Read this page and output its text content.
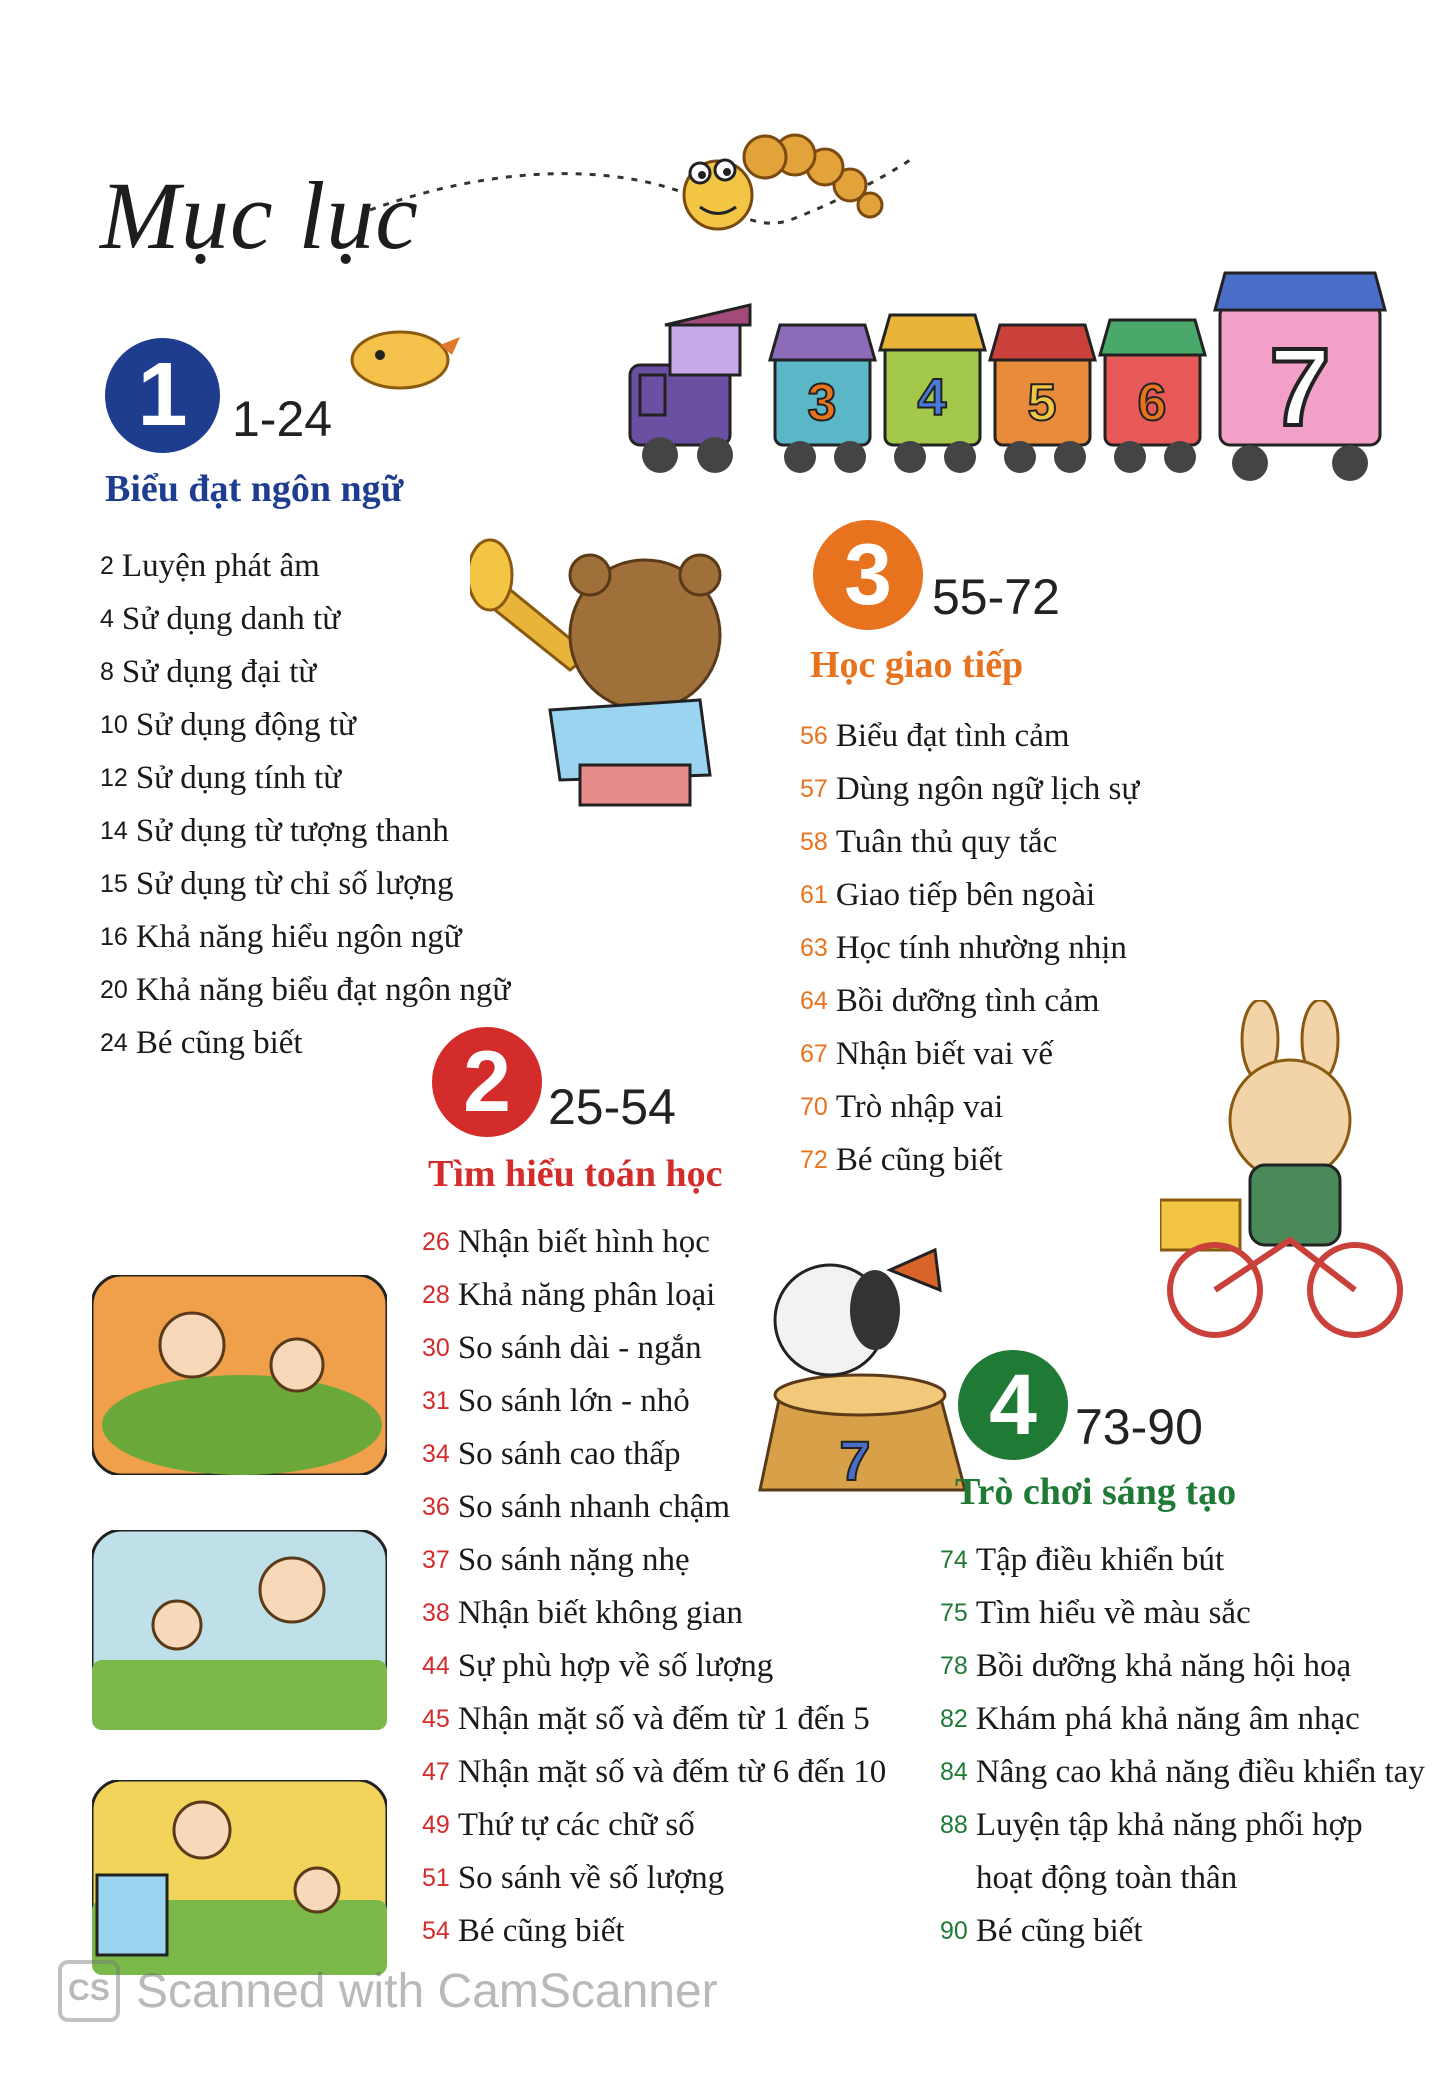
Mục lục
1 1-24
Biểu đạt ngôn ngữ
2 Luyện phát âm
4 Sử dụng danh từ
8 Sử dụng đại từ
10 Sử dụng động từ
12 Sử dụng tính từ
14 Sử dụng từ tượng thanh
15 Sử dụng từ chỉ số lượng
16 Khả năng hiểu ngôn ngữ
20 Khả năng biểu đạt ngôn ngữ
24 Bé cũng biết
3 4 5 6 7
3 55-72
Học giao tiếp
56 Biểu đạt tình cảm
57 Dùng ngôn ngữ lịch sự
58 Tuân thủ quy tắc
61 Giao tiếp bên ngoài
63 Học tính nhường nhịn
64 Bồi dưỡng tình cảm
67 Nhận biết vai vế
70 Trò nhập vai
72 Bé cũng biết
2 25-54
Tìm hiểu toán học
26 Nhận biết hình học
28 Khả năng phân loại
30 So sánh dài - ngắn
31 So sánh lớn - nhỏ
34 So sánh cao thấp
36 So sánh nhanh chậm
37 So sánh nặng nhẹ
38 Nhận biết không gian
44 Sự phù hợp về số lượng
45 Nhận mặt số và đếm từ 1 đến 5
47 Nhận mặt số và đếm từ 6 đến 10
49 Thứ tự các chữ số
51 So sánh về số lượng
54 Bé cũng biết
7
4 73-90
Trò chơi sáng tạo
74 Tập điều khiển bút
75 Tìm hiểu về màu sắc
78 Bồi dưỡng khả năng hội hoạ
82 Khám phá khả năng âm nhạc
84 Nâng cao khả năng điều khiển tay
88 Luyện tập khả năng phối hợp
hoạt động toàn thân
90 Bé cũng biết
CS Scanned with CamScanner
